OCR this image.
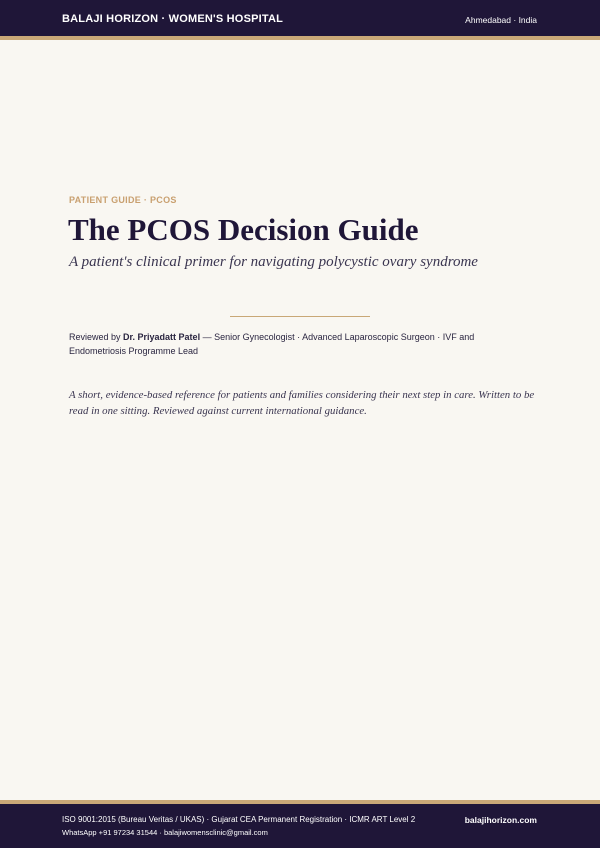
BALAJI HORIZON · WOMEN'S HOSPITAL	Ahmedabad · India
PATIENT GUIDE · PCOS
The PCOS Decision Guide
A patient's clinical primer for navigating polycystic ovary syndrome

Reviewed by Dr. Priyadatt Patel — Senior Gynecologist · Advanced Laparoscopic Surgeon · IVF and Endometriosis Programme Lead

A short, evidence-based reference for patients and families considering their next step in care. Written to be read in one sitting. Reviewed against current international guidance.

ISO 9001:2015 (Bureau Veritas / UKAS) · Gujarat CEA Permanent Registration · ICMR ART Level 2
WhatsApp +91 97234 31544 · balajiwomensclinic@gmail.com
balajihorizon.com
